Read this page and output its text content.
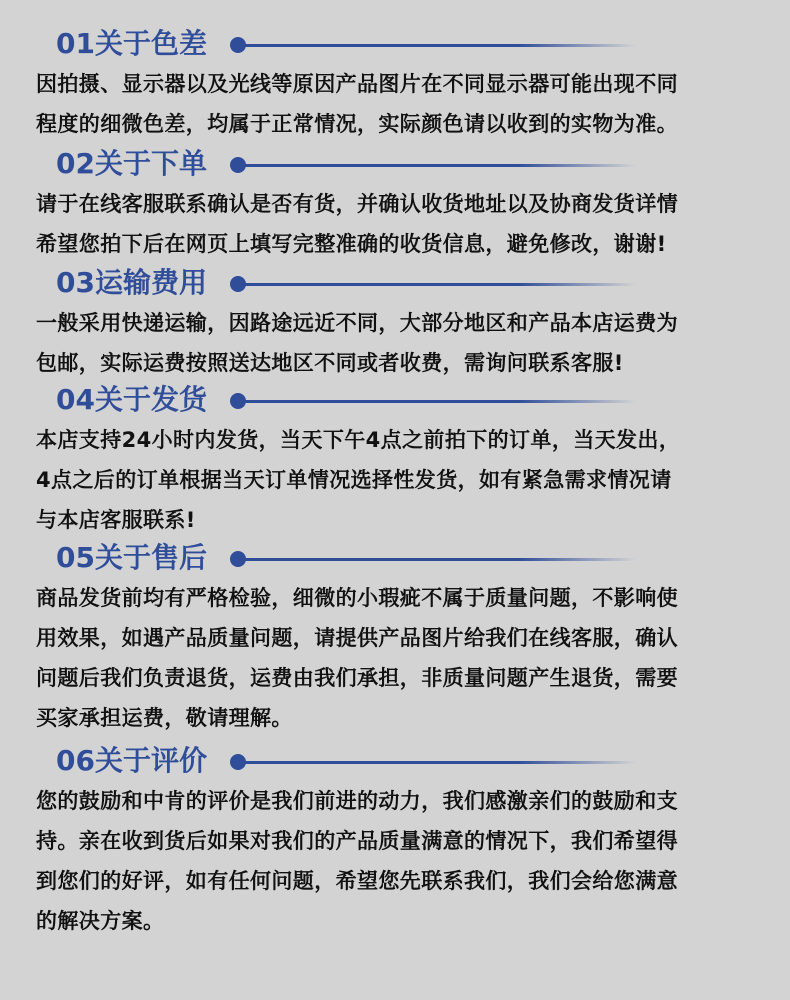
01关于色差
因拍摄、显示器以及光线等原因产品图片在不同显示器可能出现不同
程度的细微色差，均属于正常情况，实际颜色请以收到的实物为准。
02关于下单
请于在线客服联系确认是否有货，并确认收货地址以及协商发货详情
希望您拍下后在网页上填写完整准确的收货信息，避免修改，谢谢!
03运输费用
一般采用快递运输，因路途远近不同，大部分地区和产品本店运费为
包邮，实际运费按照送达地区不同或者收费，需询问联系客服!
04关于发货
本店支持24小时内发货，当天下午4点之前拍下的订单，当天发出，
4点之后的订单根据当天订单情况选择性发货，如有紧急需求情况请
与本店客服联系!
05关于售后
商品发货前均有严格检验，细微的小瑕疵不属于质量问题，不影响使
用效果，如遇产品质量问题，请提供产品图片给我们在线客服，确认
问题后我们负责退货，运费由我们承担，非质量问题产生退货，需要
买家承担运费，敬请理解。
06关于评价
您的鼓励和中肯的评价是我们前进的动力，我们感激亲们的鼓励和支
持。亲在收到货后如果对我们的产品质量满意的情况下，我们希望得
到您们的好评，如有任何问题，希望您先联系我们，我们会给您满意
的解决方案。
